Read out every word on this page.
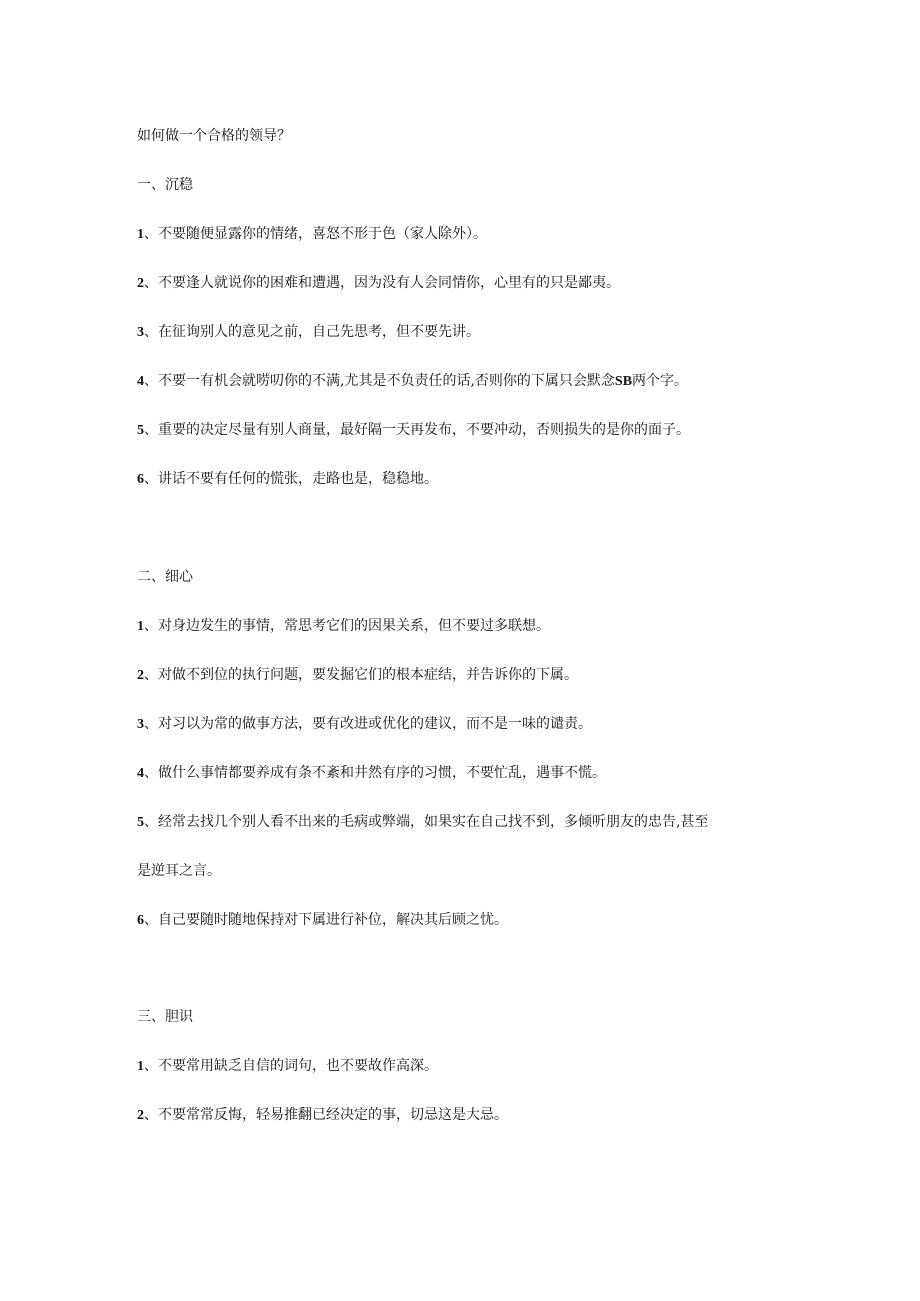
如何做一个合格的领导？
一、沉稳
1、不要随便显露你的情绪，喜怒不形于色（家人除外）。
2、不要逢人就说你的困难和遭遇，因为没有人会同情你，心里有的只是鄙夷。
3、在征询别人的意见之前，自己先思考，但不要先讲。
4、不要一有机会就唠叨你的不满,尤其是不负责任的话,否则你的下属只会默念SB两个字。
5、重要的决定尽量有别人商量，最好隔一天再发布，不要冲动，否则损失的是你的面子。
6、讲话不要有任何的慌张，走路也是，稳稳地。
二、细心
1、对身边发生的事情，常思考它们的因果关系，但不要过多联想。
2、对做不到位的执行问题，要发掘它们的根本症结，并告诉你的下属。
3、对习以为常的做事方法，要有改进或优化的建议，而不是一味的谴责。
4、做什么事情都要养成有条不紊和井然有序的习惯，不要忙乱，遇事不慌。
5、经常去找几个别人看不出来的毛病或弊端，如果实在自己找不到，多倾听朋友的忠告,甚至
是逆耳之言。
6、自己要随时随地保持对下属进行补位，解决其后顾之忧。
三、胆识
1、不要常用缺乏自信的词句，也不要故作高深。
2、不要常常反悔，轻易推翻已经决定的事，切忌这是大忌。
